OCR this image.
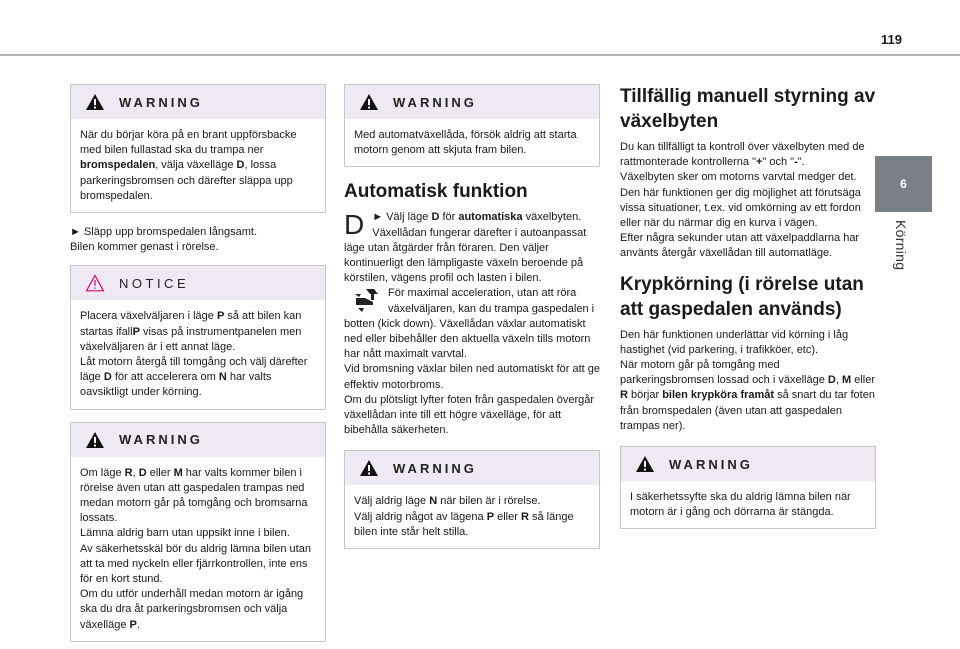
119
6
Körning
WARNING

När du börjar köra på en brant uppförsbacke med bilen fullastad ska du trampa ner bromspedalen, välja växelläge D, lossa parkeringsbromsen och därefter släppa upp bromspedalen.

► Släpp upp bromspedalen långsamt.

Bilen kommer genast i rörelse.

NOTICE

Placera växelväljaren i läge P så att bilen kan startas ifallP visas på instrumentpanelen men växelväljaren är i ett annat läge.

Låt motorn återgå till tomgång och välj därefter läge D för att accelerera om N har valts oavsiktligt under körning.

WARNING

Om läge R, D eller M har valts kommer bilen i rörelse även utan att gaspedalen trampas ned medan motorn går på tomgång och bromsarna lossats.

Lämna aldrig barn utan uppsikt inne i bilen.

Av säkerhetsskäl bör du aldrig lämna bilen utan att ta med nyckeln eller fjärrkontrollen, inte ens för en kort stund.

Om du utför underhåll medan motorn är igång ska du dra åt parkeringsbromsen och välja växelläge P.

WARNING

Med automatväxellåda, försök aldrig att starta motorn genom att skjuta fram bilen.

Automatisk funktion
D ► Välj läge D för automatiska växelbyten.

Växellådan fungerar därefter i autoanpassat läge utan åtgärder från föraren. Den väljer kontinuerligt den lämpligaste växeln beroende på körstilen, vägens profil och lasten i bilen.

För maximal acceleration, utan att röra växelväljaren, kan du trampa gaspedalen i botten (kick down). Växellådan växlar automatiskt ned eller bibehåller den aktuella växeln tills motorn har nått maximalt varvtal.

Vid bromsning växlar bilen ned automatiskt för att ge effektiv motorbroms.

Om du plötsligt lyfter foten från gaspedalen övergår växellådan inte till ett högre växelläge, för att bibehålla säkerheten.

WARNING

Välj aldrig läge N när bilen är i rörelse.

Välj aldrig något av lägena P eller R så länge bilen inte står helt stilla.

Tillfällig manuell styrning av växelbyten

Du kan tillfälligt ta kontroll över växelbyten med de rattmonterade kontrollerna "+" och "-".

Växelbyten sker om motorns varvtal medger det.

Den här funktionen ger dig möjlighet att förutsäga vissa situationer, t.ex. vid omkörning av ett fordon eller när du närmar dig en kurva i vägen.

Efter några sekunder utan att växelpaddlarna har använts återgår växellådan till automatläge.

Krypkörning (i rörelse utan att gaspedalen används)

Den här funktionen underlättar vid körning i låg hastighet (vid parkering, i trafikköer, etc).

När motorn går på tomgång med parkeringsbromsen lossad och i växelläge D, M eller R börjar bilen krypköra framåt så snart du tar foten från bromspedalen (även utan att gaspedalen trampas ner).

WARNING

I säkerhetssyfte ska du aldrig lämna bilen när motorn är i gång och dörrarna är stängda.
